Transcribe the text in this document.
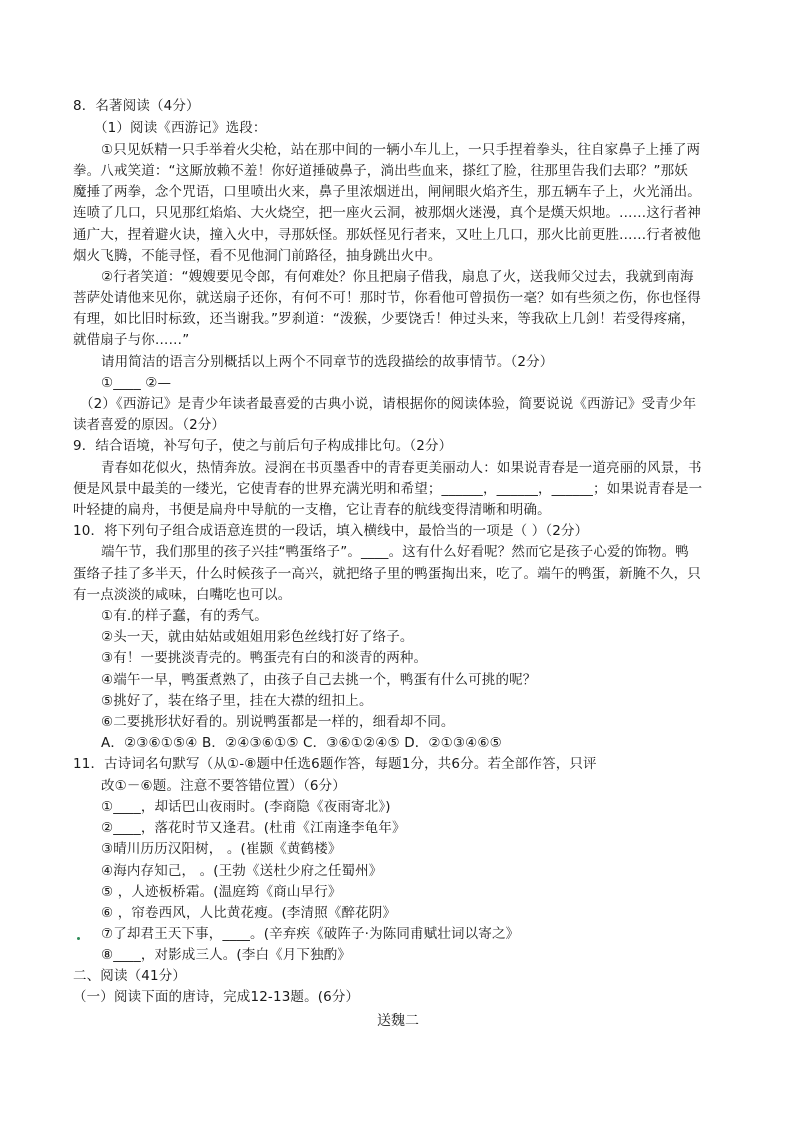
8．名著阅读（4分）
（1）阅读《西游记》选段：
①只见妖精一只手举着火尖枪，站在那中间的一辆小车儿上，一只手捏着拳头，往自家鼻子上捶了两
拳。八戒笑道：“这厮放赖不羞！你好道捶破鼻子，淌出些血来，搽红了脸，往那里告我们去耶？”那妖
魔捶了两拳，念个咒语，口里喷出火来，鼻子里浓烟迸出，闸闸眼火焰齐生，那五辆车子上，火光涌出。
连喷了几口，只见那红焰焰、大火烧空，把一座火云洞，被那烟火迷漫，真个是熯天炽地。……这行者神
通广大，捏着避火诀，撞入火中，寻那妖怪。那妖怪见行者来，又吐上几口，那火比前更胜……行者被他
烟火飞腾，不能寻怪，看不见他洞门前路径，抽身跳出火中。
②行者笑道：“嫂嫂要见令郎，有何难处？你且把扇子借我，扇息了火，送我师父过去，我就到南海
菩萨处请他来见你，就送扇子还你，有何不可！那时节，你看他可曾损伤一毫？如有些须之伤，你也怪得
有理，如比旧时标致，还当谢我。”罗刹道：“泼猴，少要饶舌！伸过头来，等我砍上几剑！若受得疼痛，
就借扇子与你……”
请用简洁的语言分别概括以上两个不同章节的选段描绘的故事情节。（2分）
①____ ②—
（2）《西游记》是青少年读者最喜爱的古典小说，请根据你的阅读体验，简要说说《西游记》受青少年
读者喜爱的原因。（2分）
9．结合语境，补写句子，使之与前后句子构成排比句。（2分）
青春如花似火，热情奔放。浸润在书页墨香中的青春更美丽动人：如果说青春是一道亮丽的风景，书
便是风景中最美的一缕光，它使青春的世界充满光明和希望；______，______，______；如果说青春是一
叶轻捷的扁舟，书便是扁舟中导航的一支橹，它让青春的航线变得清晰和明确。
10．将下列句子组合成语意连贯的一段话，填入横线中，最恰当的一项是（ ）（2分）
端午节，我们那里的孩子兴挂“鸭蛋络子”。____。这有什么好看呢？然而它是孩子心爱的饰物。鸭
蛋络子挂了多半天，什么时候孩子一高兴，就把络子里的鸭蛋掏出来，吃了。端午的鸭蛋，新腌不久，只
有一点淡淡的咸味，白嘴吃也可以。
①有.的样子蠢，有的秀气。
②头一天，就由姑姑或姐姐用彩色丝线打好了络子。
③有！一要挑淡青壳的。鸭蛋壳有白的和淡青的两种。
④端午一早，鸭蛋煮熟了，由孩子自己去挑一个，鸭蛋有什么可挑的呢？
⑤挑好了，装在络子里，挂在大襟的纽扣上。
⑥二要挑形状好看的。别说鸭蛋都是一样的，细看却不同。
A．②③⑥①⑤④ B．②④③⑥①⑤ C．③⑥①②④⑤ D．②①③④⑥⑤
11．古诗词名句默写（从①-⑧题中任选6题作答，每题1分，共6分。若全部作答，只评
改①－⑥题。注意不要答错位置）（6分）
①____，却话巴山夜雨时。(李商隐《夜雨寄北》)
②____，落花时节又逢君。(杜甫《江南逢李龟年》
③晴川历历汉阳树， 。(崔颢《黄鹤楼》
④海内存知己， 。(王勃《送杜少府之任蜀州》
⑤ ，人迹板桥霜。(温庭筠《商山早行》
⑥ ，帘卷西风，人比黄花瘦。(李清照《醉花阴》
⑦了却君王天下事，____。(辛弃疾《破阵子·为陈同甫赋壮词以寄之》
⑧____，对影成三人。(李白《月下独酌》
二、阅读（41分）
（一）阅读下面的唐诗，完成12-13题。(6分）
送魏二
